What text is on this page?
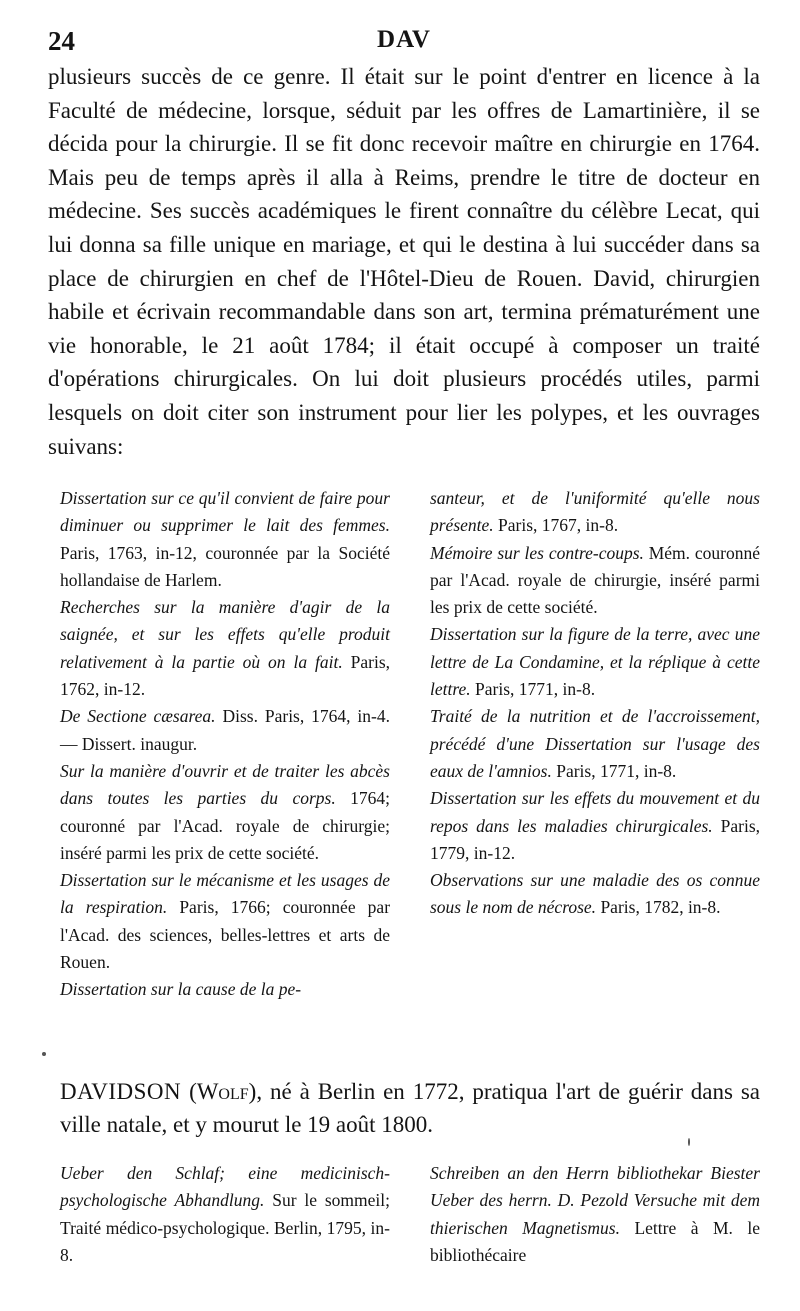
24	DAV

plusieurs succès de ce genre. Il était sur le point d'entrer en licence à la Faculté de médecine, lorsque, séduit par les offres de Lamartinière, il se décida pour la chirurgie. Il se fit donc recevoir maître en chirurgie en 1764. Mais peu de temps après il alla à Reims, prendre le titre de docteur en médecine. Ses succès académiques le firent connaître du célèbre Lecat, qui lui donna sa fille unique en mariage, et qui le destina à lui succéder dans sa place de chirurgien en chef de l'Hôtel-Dieu de Rouen. David, chirurgien habile et écrivain recommandable dans son art, termina prématurément une vie honorable, le 21 août 1784; il était occupé à composer un traité d'opérations chirurgicales. On lui doit plusieurs procédés utiles, parmi lesquels on doit citer son instrument pour lier les polypes, et les ouvrages suivans:

Dissertation sur ce qu'il convient de faire pour diminuer ou supprimer le lait des femmes. Paris, 1763, in-12, couronnée par la Société hollandaise de Harlem.

Recherches sur la manière d'agir de la saignée, et sur les effets qu'elle produit relativement à la partie où on la fait. Paris, 1762, in-12.

De Sectione cæsarea. Diss. Paris, 1764, in-4. — Dissert. inaugur.

Sur la manière d'ouvrir et de traiter les abcès dans toutes les parties du corps. 1764; couronné par l'Acad. royale de chirurgie; inséré parmi les prix de cette société.

Dissertation sur le mécanisme et les usages de la respiration. Paris, 1766; couronnée par l'Acad. des sciences, belles-lettres et arts de Rouen.

Dissertation sur la cause de la pe-

santeur, et de l'uniformité qu'elle nous présente. Paris, 1767, in-8.

Mémoire sur les contre-coups. Mém. couronné par l'Acad. royale de chirurgie, inséré parmi les prix de cette société.

Dissertation sur la figure de la terre, avec une lettre de La Condamine, et la réplique à cette lettre. Paris, 1771, in-8.

Traité de la nutrition et de l'accroissement, précédé d'une Dissertation sur l'usage des eaux de l'amnios. Paris, 1771, in-8.

Dissertation sur les effets du mouvement et du repos dans les maladies chirurgicales. Paris, 1779, in-12.

Observations sur une maladie des os connue sous le nom de nécrose. Paris, 1782, in-8.

DAVIDSON (Wolf), né à Berlin en 1772, pratiqua l'art de guérir dans sa ville natale, et y mourut le 19 août 1800.

Ueber den Schlaf; eine medicinisch-psychologische Abhandlung. Sur le sommeil; Traité médico-psychologique. Berlin, 1795, in-8.

Schreiben an den Herrn bibliothekar Biester Ueber des herrn. D. Pezold Versuche mit dem thierischen Magnetismus. Lettre à M. le bibliothécaire
